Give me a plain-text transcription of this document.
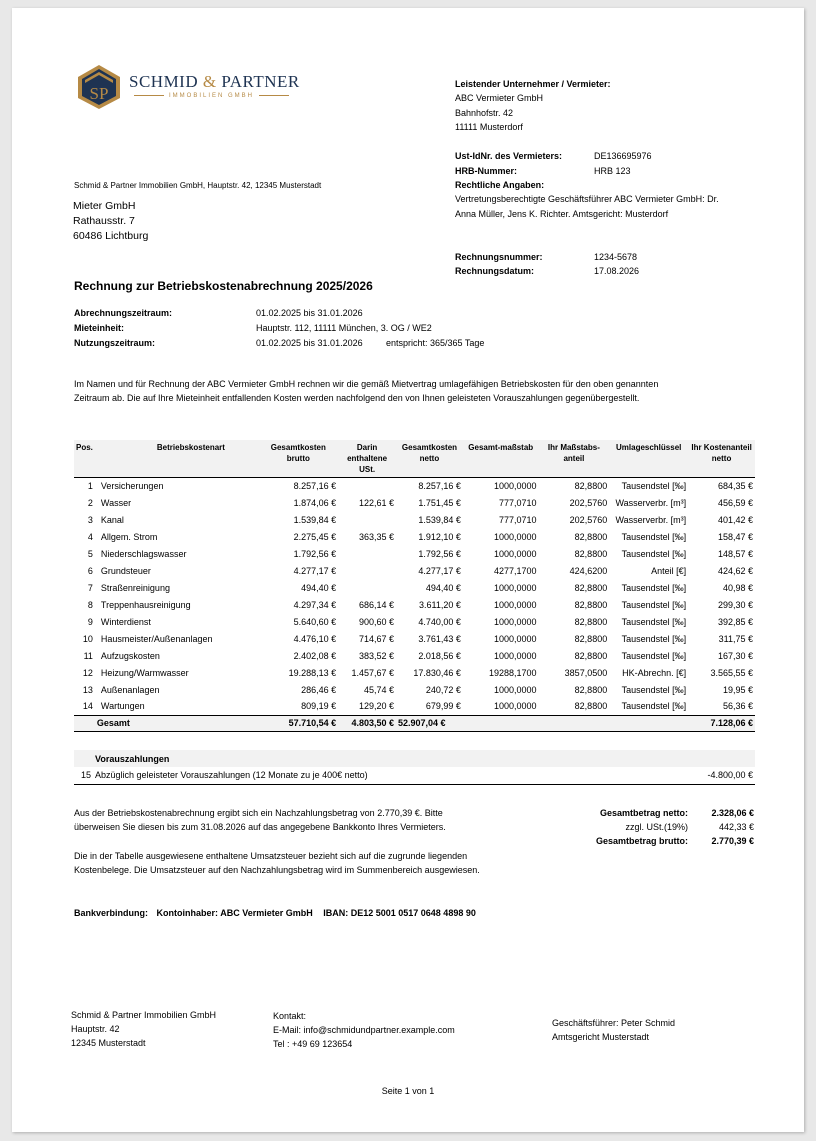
SP
SCHMID & PARTNER
IMMOBILIEN GMBH
Leistender Unternehmer / Vermieter:
ABC Vermieter GmbH
Bahnhofstr. 42
11111 Musterdorf
Ust-IdNr. des Vermieters:	DE136695976
HRB-Nummer:	HRB 123
Rechtliche Angaben:
Vertretungsberechtigte Geschäftsführer ABC Vermieter GmbH: Dr.
Anna Müller, Jens K. Richter. Amtsgericht: Musterdorf
Rechnungsnummer:	1234-5678
Rechnungsdatum:	17.08.2026
Schmid & Partner Immobilien GmbH, Hauptstr. 42, 12345 Musterstadt
Mieter GmbH
Rathausstr. 7
60486 Lichtburg
Rechnung zur Betriebskostenabrechnung 2025/2026
Abrechnungszeitraum:	01.02.2025 bis 31.01.2026
Mieteinheit:	Hauptstr. 112, 11111 München, 3. OG / WE2
Nutzungszeitraum:	01.02.2025 bis 31.01.2026	entspricht: 365/365 Tage
Im Namen und für Rechnung der ABC Vermieter GmbH rechnen wir die gemäß Mietvertrag umlagefähigen Betriebskosten für den oben genannten
Zeitraum ab. Die auf Ihre Mieteinheit entfallenden Kosten werden nachfolgend den von Ihnen geleisteten Vorauszahlungen gegenübergestellt.
Pos.	Betriebskostenart	Gesamtkosten brutto	Darin enthaltene USt.	Gesamtkosten netto	Gesamt-maßstab	Ihr Maßstabs-anteil	Umlageschlüssel	Ihr Kostenanteil netto
1	Versicherungen	8.257,16 €		8.257,16 €	1000,0000	82,8800	Tausendstel [‰]	684,35 €
2	Wasser	1.874,06 €	122,61 €	1.751,45 €	777,0710	202,5760	Wasserverbr. [m³]	456,59 €
3	Kanal	1.539,84 €		1.539,84 €	777,0710	202,5760	Wasserverbr. [m³]	401,42 €
4	Allgem. Strom	2.275,45 €	363,35 €	1.912,10 €	1000,0000	82,8800	Tausendstel [‰]	158,47 €
5	Niederschlagswasser	1.792,56 €		1.792,56 €	1000,0000	82,8800	Tausendstel [‰]	148,57 €
6	Grundsteuer	4.277,17 €		4.277,17 €	4277,1700	424,6200	Anteil [€]	424,62 €
7	Straßenreinigung	494,40 €		494,40 €	1000,0000	82,8800	Tausendstel [‰]	40,98 €
8	Treppenhausreinigung	4.297,34 €	686,14 €	3.611,20 €	1000,0000	82,8800	Tausendstel [‰]	299,30 €
9	Winterdienst	5.640,60 €	900,60 €	4.740,00 €	1000,0000	82,8800	Tausendstel [‰]	392,85 €
10	Hausmeister/Außenanlagen	4.476,10 €	714,67 €	3.761,43 €	1000,0000	82,8800	Tausendstel [‰]	311,75 €
11	Aufzugskosten	2.402,08 €	383,52 €	2.018,56 €	1000,0000	82,8800	Tausendstel [‰]	167,30 €
12	Heizung/Warmwasser	19.288,13 €	1.457,67 €	17.830,46 €	19288,1700	3857,0500	HK-Abrechn. [€]	3.565,55 €
13	Außenanlagen	286,46 €	45,74 €	240,72 €	1000,0000	82,8800	Tausendstel [‰]	19,95 €
14	Wartungen	809,19 €	129,20 €	679,99 €	1000,0000	82,8800	Tausendstel [‰]	56,36 €
	Gesamt	57.710,54 €	4.803,50 €	52.907,04 €				7.128,06 €
	Vorauszahlungen	
15	Abzüglich geleisteter Vorauszahlungen (12 Monate zu je 400€ netto)	-4.800,00 €
Aus der Betriebskostenabrechnung ergibt sich ein Nachzahlungsbetrag von 2.770,39 €. Bitte
überweisen Sie diesen bis zum 31.08.2026 auf das angegebene Bankkonto Ihres Vermieters.
Gesamtbetrag netto:	2.328,06 €
zzgl. USt.(19%)	442,33 €
Gesamtbetrag brutto:	2.770,39 €
Die in der Tabelle ausgewiesene enthaltene Umsatzsteuer bezieht sich auf die zugrunde liegenden
Kostenbelege. Die Umsatzsteuer auf den Nachzahlungsbetrag wird im Summenbereich ausgewiesen.
Bankverbindung: Kontoinhaber: ABC Vermieter GmbH IBAN: DE12 5001 0517 0648 4898 90
Schmid & Partner Immobilien GmbH
Hauptstr. 42
12345 Musterstadt
Kontakt:
E-Mail: info@schmidundpartner.example.com
Tel : +49 69 123654
Geschäftsführer: Peter Schmid
Amtsgericht Musterstadt
Seite 1 von 1
